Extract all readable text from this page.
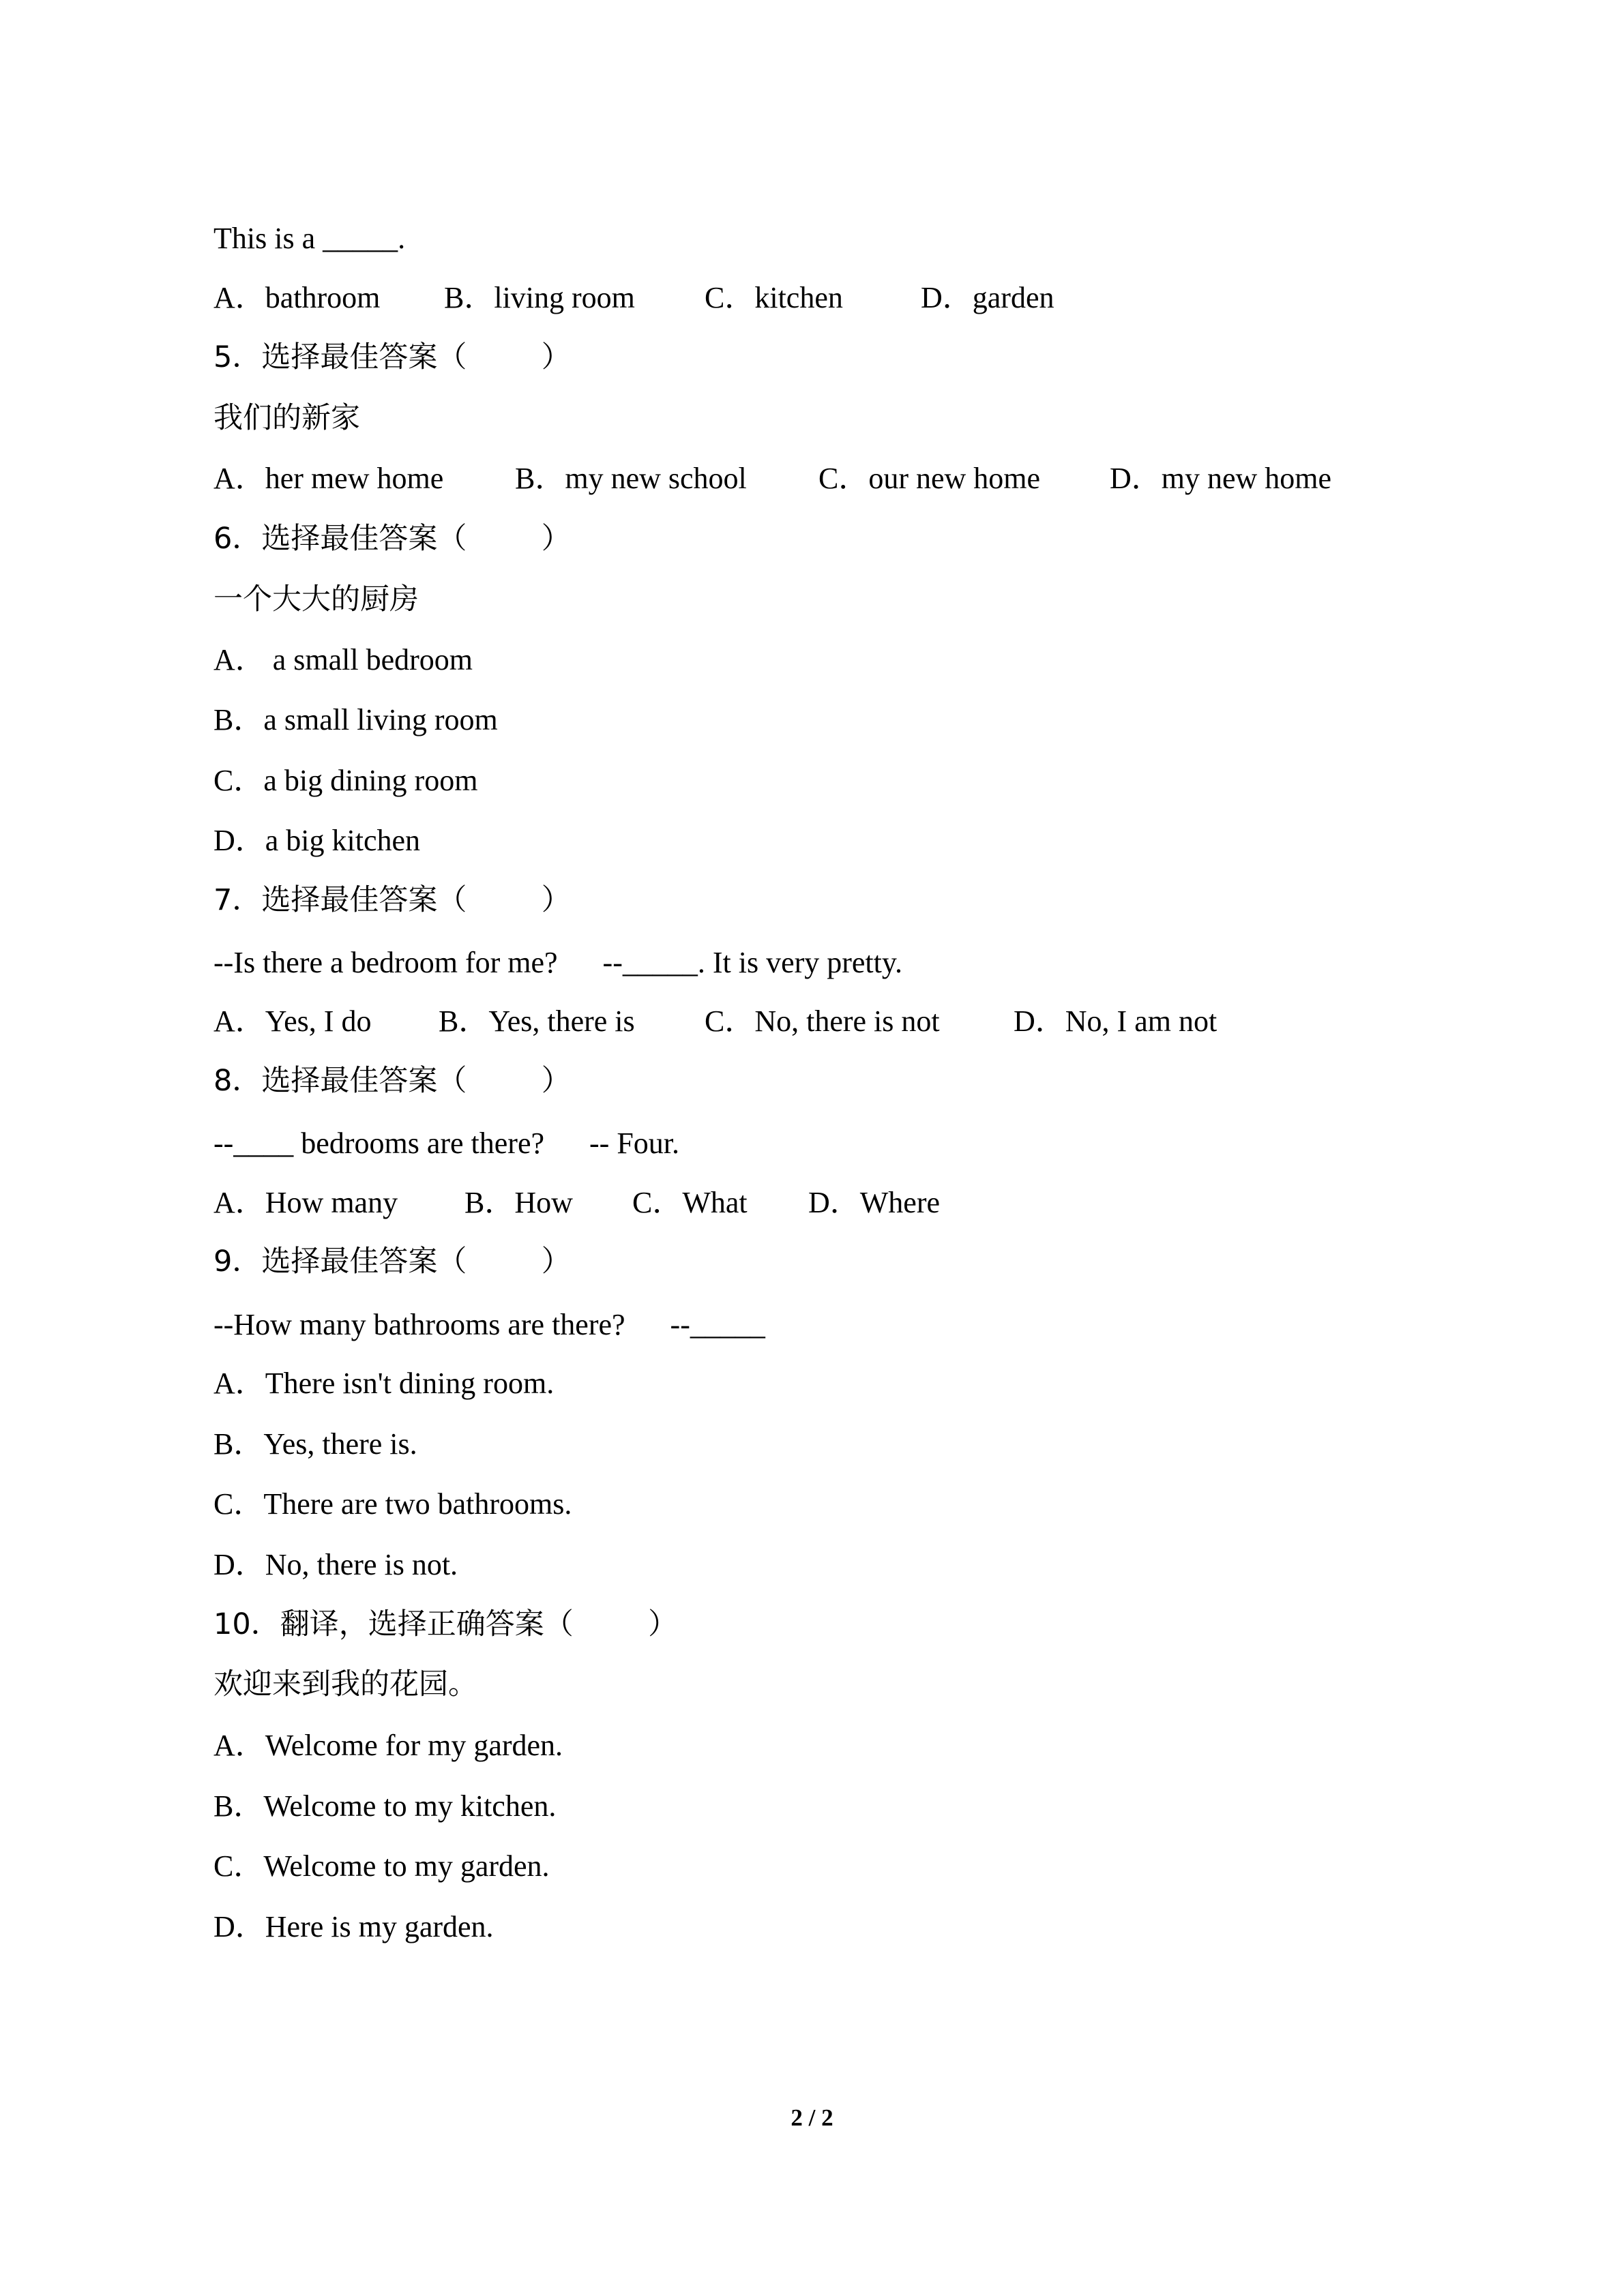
This is a _____.
A．bathroom B．living room C．kitchen	D．garden
5．选择最佳答案（        ）
我们的新家
A．her mew home B．my new school C．our new home D．my new home
6．选择最佳答案（        ）
一个大大的厨房
A． a small bedroom
B．a small living room
C．a big dining room
D．a big kitchen
7．选择最佳答案（        ）
--Is there a bedroom for me?      --_____. It is very pretty.
A．Yes, I do B．Yes, there is C．No, there is not D．No, I am not
8．选择最佳答案（        ）
--____ bedrooms are there?      -- Four.
A．How many B．How C．What D．Where
9．选择最佳答案（        ）
--How many bathrooms are there?      --_____
A．There isn't dining room.
B．Yes, there is.
C．There are two bathrooms.
D．No, there is not.
10．翻译，选择正确答案（        ）
欢迎来到我的花园。
A．Welcome for my garden.
B．Welcome to my kitchen.
C．Welcome to my garden.
D．Here is my garden.
2 / 2
